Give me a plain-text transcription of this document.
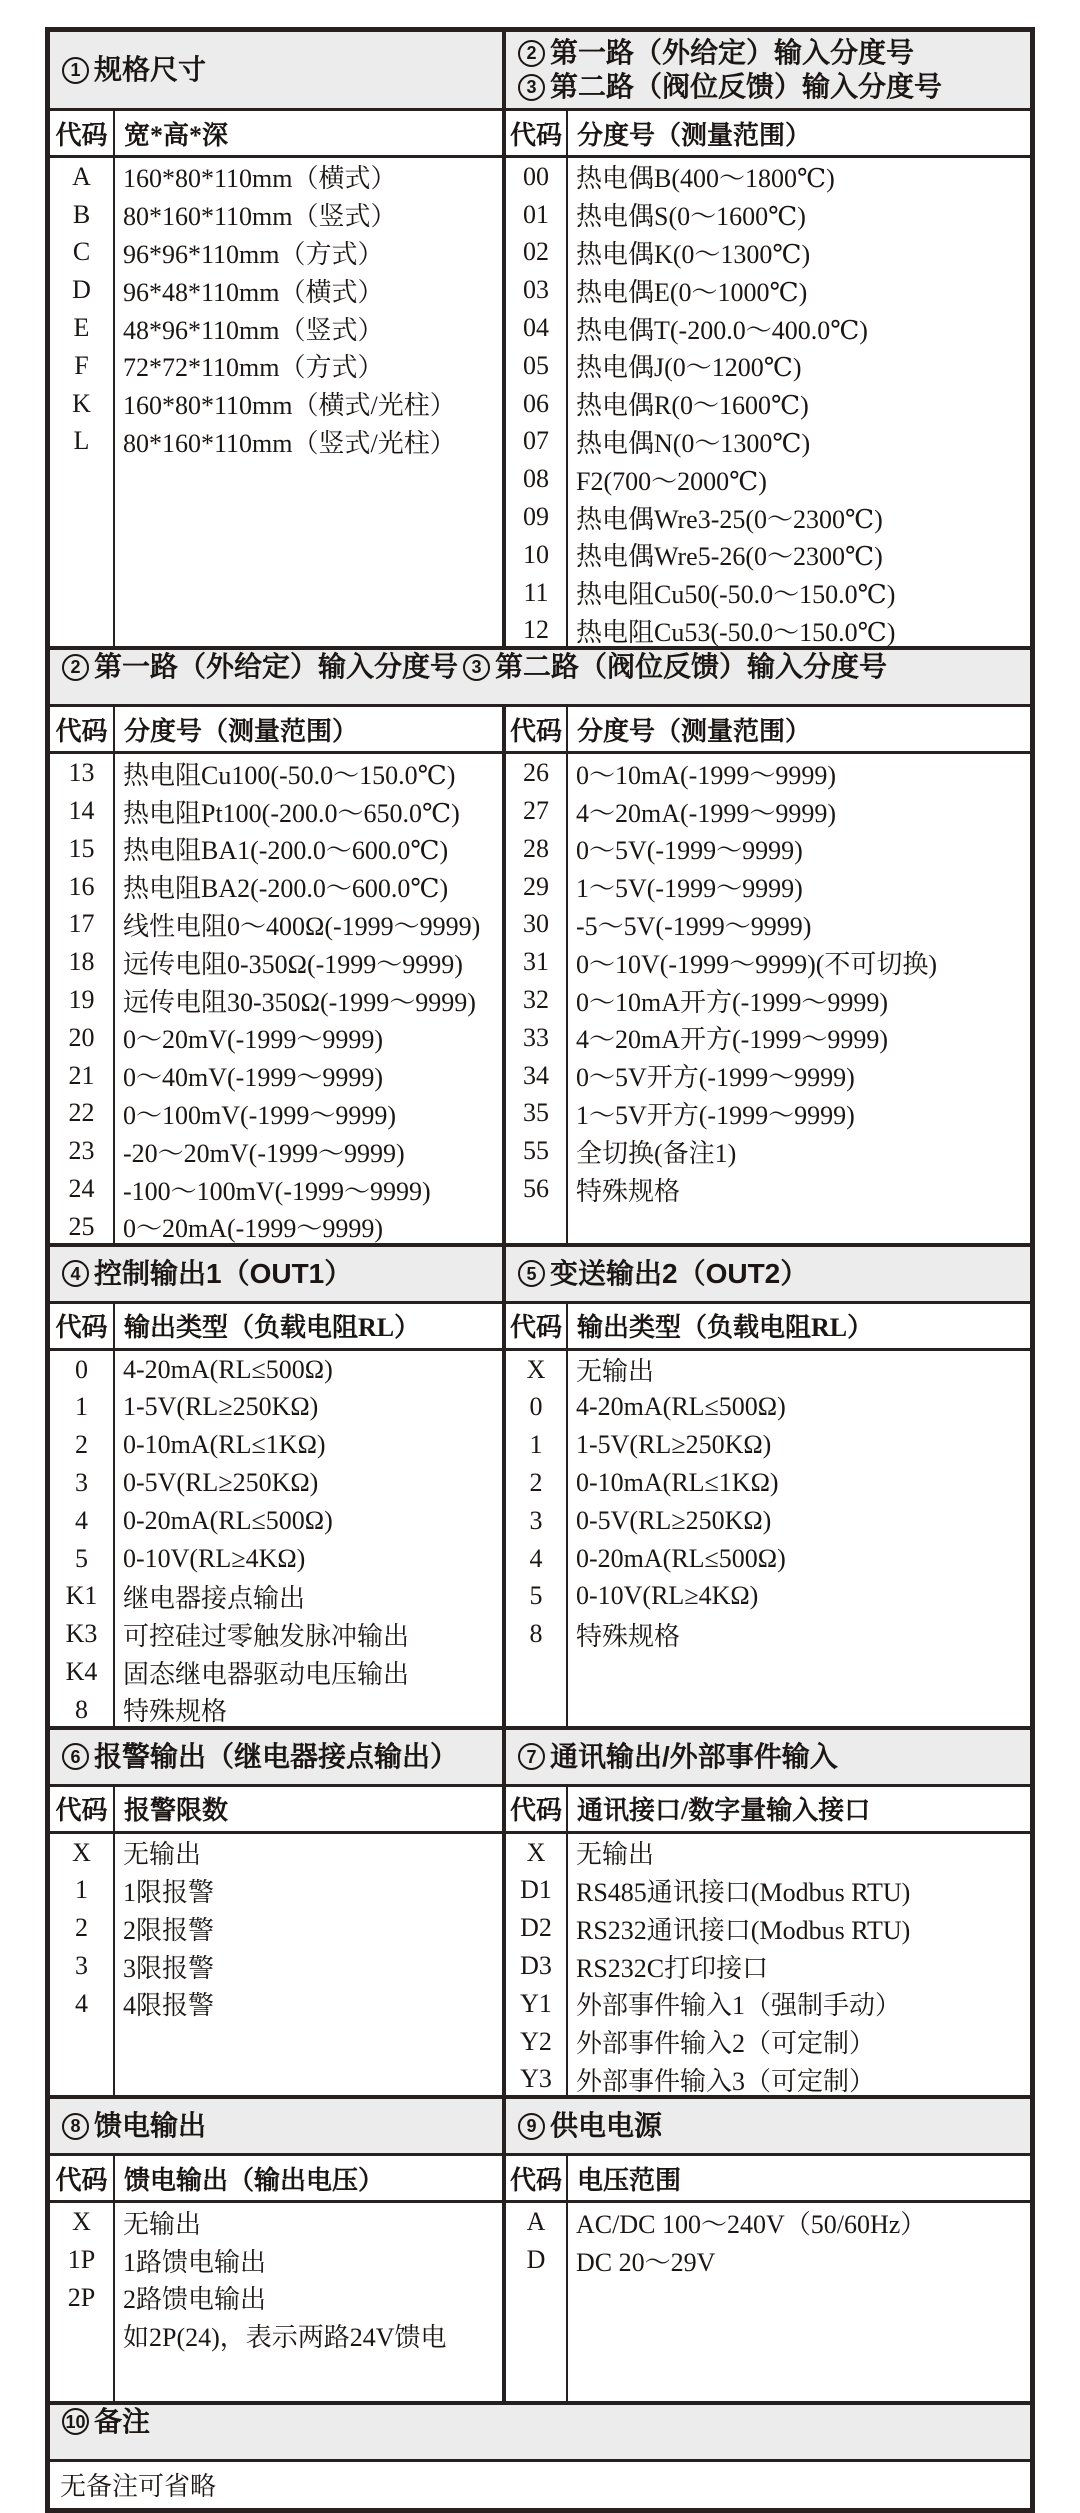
1 规格尺寸
2 第一路（外给定）输入分度号
3 第二路（阀位反馈）输入分度号
代码 宽*高*深	代码 分度号（测量范围）
A	160*80*110mm（横式）
B	80*160*110mm（竖式）
C	96*96*110mm（方式）
D	96*48*110mm（横式）
E	48*96*110mm（竖式）
F	72*72*110mm（方式）
K	160*80*110mm（横式/光柱）
L	80*160*110mm（竖式/光柱）
00	热电偶B(400～1800℃)
01	热电偶S(0～1600℃)
02	热电偶K(0～1300℃)
03	热电偶E(0～1000℃)
04	热电偶T(-200.0～400.0℃)
05	热电偶J(0～1200℃)
06	热电偶R(0～1600℃)
07	热电偶N(0～1300℃)
08	F2(700～2000℃)
09	热电偶Wre3-25(0～2300℃)
10	热电偶Wre5-26(0～2300℃)
11	热电阻Cu50(-50.0～150.0℃)
12	热电阻Cu53(-50.0～150.0℃)
2 第一路（外给定）输入分度号 3 第二路（阀位反馈）输入分度号
代码 分度号（测量范围）	代码 分度号（测量范围）
13	热电阻Cu100(-50.0～150.0℃)
14	热电阻Pt100(-200.0～650.0℃)
15	热电阻BA1(-200.0～600.0℃)
16	热电阻BA2(-200.0～600.0℃)
17	线性电阻0～400Ω(-1999～9999)
18	远传电阻0-350Ω(-1999～9999)
19	远传电阻30-350Ω(-1999～9999)
20	0～20mV(-1999～9999)
21	0～40mV(-1999～9999)
22	0～100mV(-1999～9999)
23	-20～20mV(-1999～9999)
24	-100～100mV(-1999～9999)
25	0～20mA(-1999～9999)
26	0～10mA(-1999～9999)
27	4～20mA(-1999～9999)
28	0～5V(-1999～9999)
29	1～5V(-1999～9999)
30	-5～5V(-1999～9999)
31	0～10V(-1999～9999)(不可切换)
32	0～10mA开方(-1999～9999)
33	4～20mA开方(-1999～9999)
34	0～5V开方(-1999～9999)
35	1～5V开方(-1999～9999)
55	全切换(备注1)
56	特殊规格
4 控制输出1（OUT1）	5 变送输出2（OUT2）
代码 输出类型（负载电阻RL）	代码 输出类型（负载电阻RL）
0	4-20mA(RL≤500Ω)
1	1-5V(RL≥250KΩ)
2	0-10mA(RL≤1KΩ)
3	0-5V(RL≥250KΩ)
4	0-20mA(RL≤500Ω)
5	0-10V(RL≥4KΩ)
K1 继电器接点输出
K3 可控硅过零触发脉冲输出
K4 固态继电器驱动电压输出
8	特殊规格
X	无输出
0	4-20mA(RL≤500Ω)
1	1-5V(RL≥250KΩ)
2	0-10mA(RL≤1KΩ)
3	0-5V(RL≥250KΩ)
4	0-20mA(RL≤500Ω)
5	0-10V(RL≥4KΩ)
8	特殊规格
6 报警输出（继电器接点输出）	7 通讯输出/外部事件输入
代码 报警限数	代码 通讯接口/数字量输入接口
X	无输出
1	1限报警
2	2限报警
3	3限报警
4	4限报警
X	无输出
D1 RS485通讯接口(Modbus RTU)
D2 RS232通讯接口(Modbus RTU)
D3 RS232C打印接口
Y1 外部事件输入1（强制手动）
Y2 外部事件输入2（可定制）
Y3 外部事件输入3（可定制）
8 馈电输出	9 供电电源
代码 馈电输出（输出电压）	代码 电压范围
X	无输出
1P	1路馈电输出
2P	2路馈电输出
如2P(24)，表示两路24V馈电
A	AC/DC 100～240V（50/60Hz）
D	DC 20～29V
10 备注
无备注可省略
